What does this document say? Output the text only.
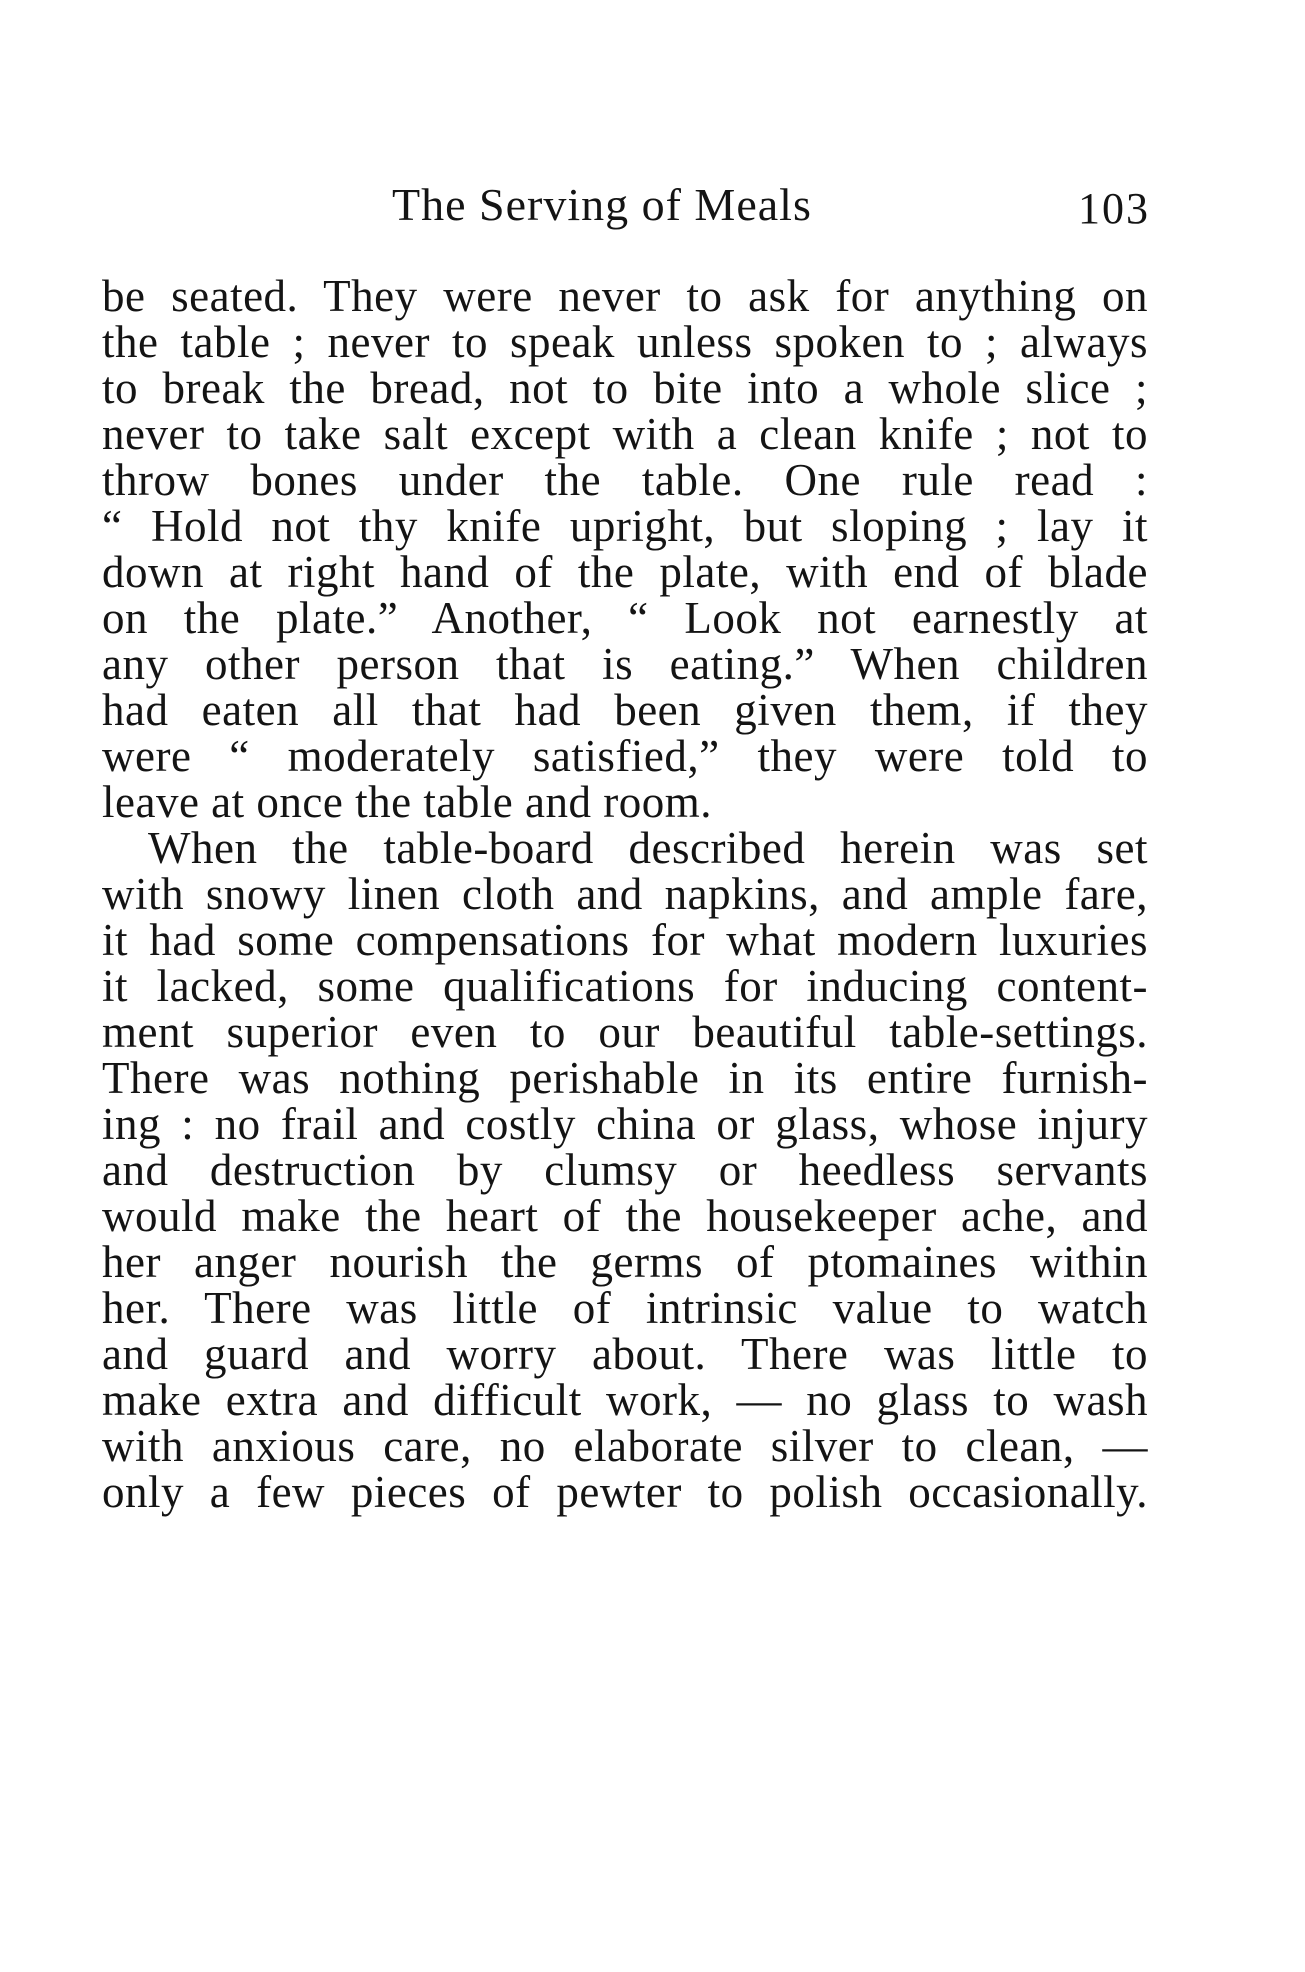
The Serving of Meals	103
be seated. They were never to ask for anything on
the table ; never to speak unless spoken to ; always
to break the bread, not to bite into a whole slice ;
never to take salt except with a clean knife ; not to
throw bones under the table. One rule read :
“ Hold not thy knife upright, but sloping ; lay it
down at right hand of the plate, with end of blade
on the plate.” Another, “ Look not earnestly at
any other person that is eating.” When children
had eaten all that had been given them, if they
were “ moderately satisfied,” they were told to
leave at once the table and room.
When the table-board described herein was set
with snowy linen cloth and napkins, and ample fare,
it had some compensations for what modern luxuries
it lacked, some qualifications for inducing content-
ment superior even to our beautiful table-settings.
There was nothing perishable in its entire furnish-
ing : no frail and costly china or glass, whose injury
and destruction by clumsy or heedless servants
would make the heart of the housekeeper ache, and
her anger nourish the germs of ptomaines within
her. There was little of intrinsic value to watch
and guard and worry about. There was little to
make extra and difficult work, — no glass to wash
with anxious care, no elaborate silver to clean, —
only a few pieces of pewter to polish occasionally.
